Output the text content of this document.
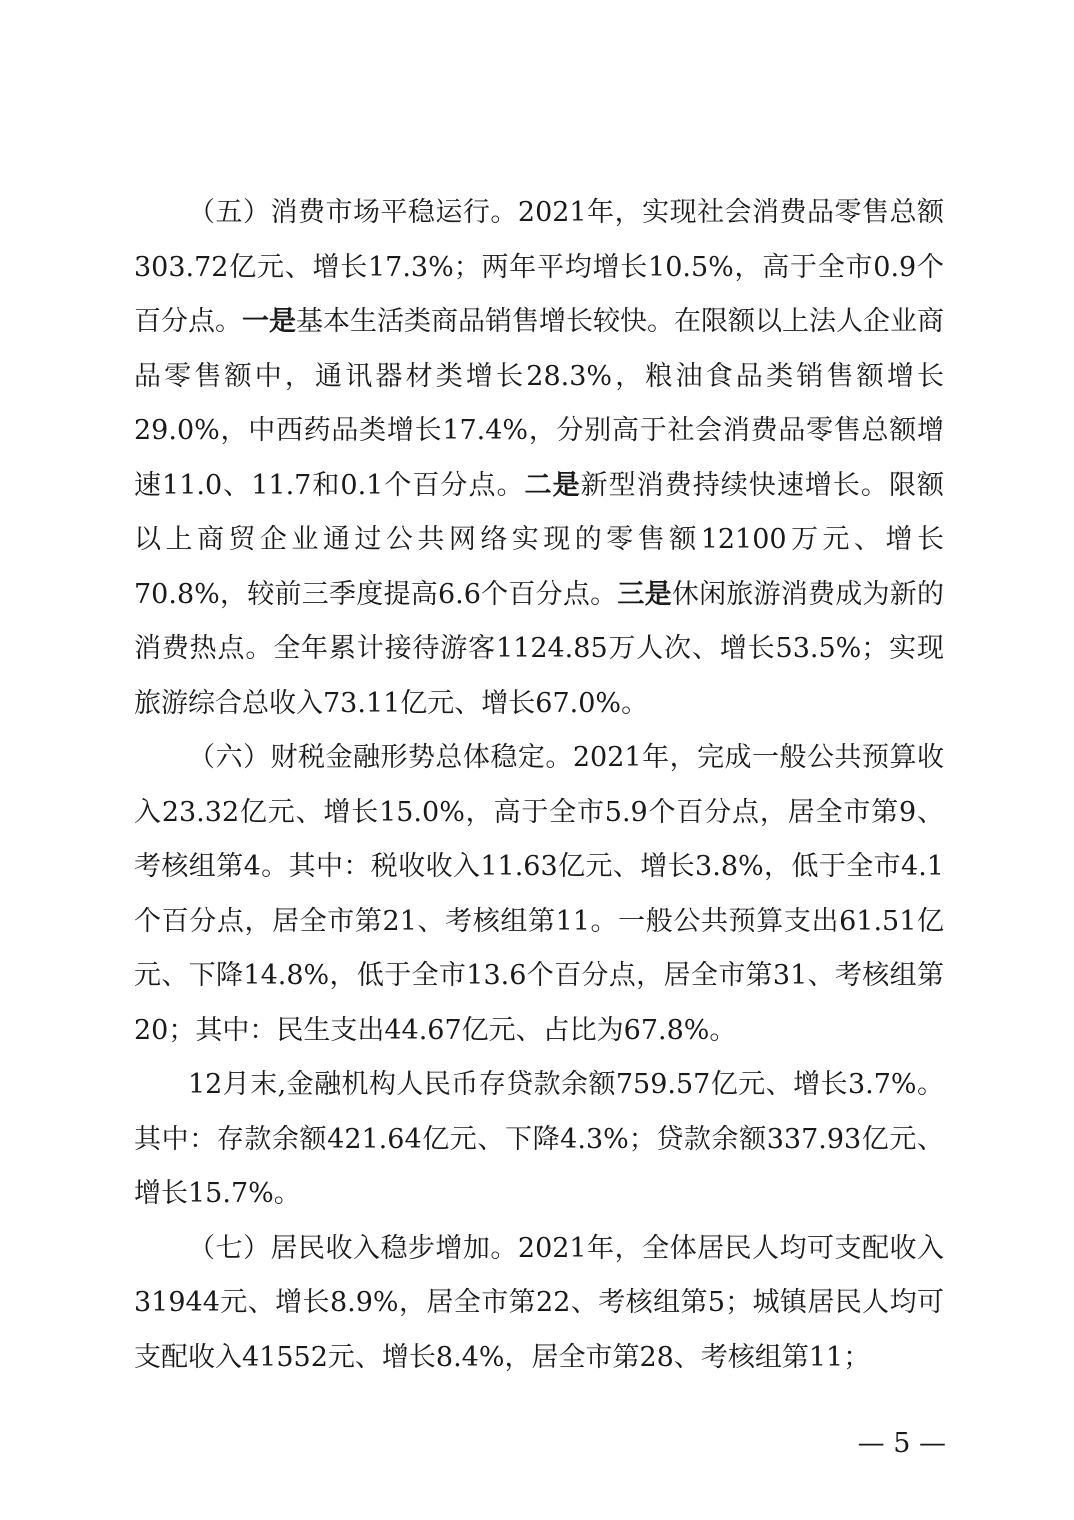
（五）消费市场平稳运行。2021年，实现社会消费品零售总额303.72亿元、增长17.3%；两年平均增长10.5%，高于全市0.9个百分点。一是基本生活类商品销售增长较快。在限额以上法人企业商品零售额中，通讯器材类增长28.3%，粮油食品类销售额增长29.0%，中西药品类增长17.4%，分别高于社会消费品零售总额增速11.0、11.7和0.1个百分点。二是新型消费持续快速增长。限额以上商贸企业通过公共网络实现的零售额12100万元、增长70.8%，较前三季度提高6.6个百分点。三是休闲旅游消费成为新的消费热点。全年累计接待游客1124.85万人次、增长53.5%；实现旅游综合总收入73.11亿元、增长67.0%。

（六）财税金融形势总体稳定。2021年，完成一般公共预算收入23.32亿元、增长15.0%，高于全市5.9个百分点，居全市第9、考核组第4。其中：税收收入11.63亿元、增长3.8%，低于全市4.1个百分点，居全市第21、考核组第11。一般公共预算支出61.51亿元、下降14.8%，低于全市13.6个百分点，居全市第31、考核组第20；其中：民生支出44.67亿元、占比为67.8%。

12月末,金融机构人民币存贷款余额759.57亿元、增长3.7%。其中：存款余额421.64亿元、下降4.3%；贷款余额337.93亿元、增长15.7%。

（七）居民收入稳步增加。2021年，全体居民人均可支配收入31944元、增长8.9%，居全市第22、考核组第5；城镇居民人均可支配收入41552元、增长8.4%，居全市第28、考核组第11；

— 5 —
